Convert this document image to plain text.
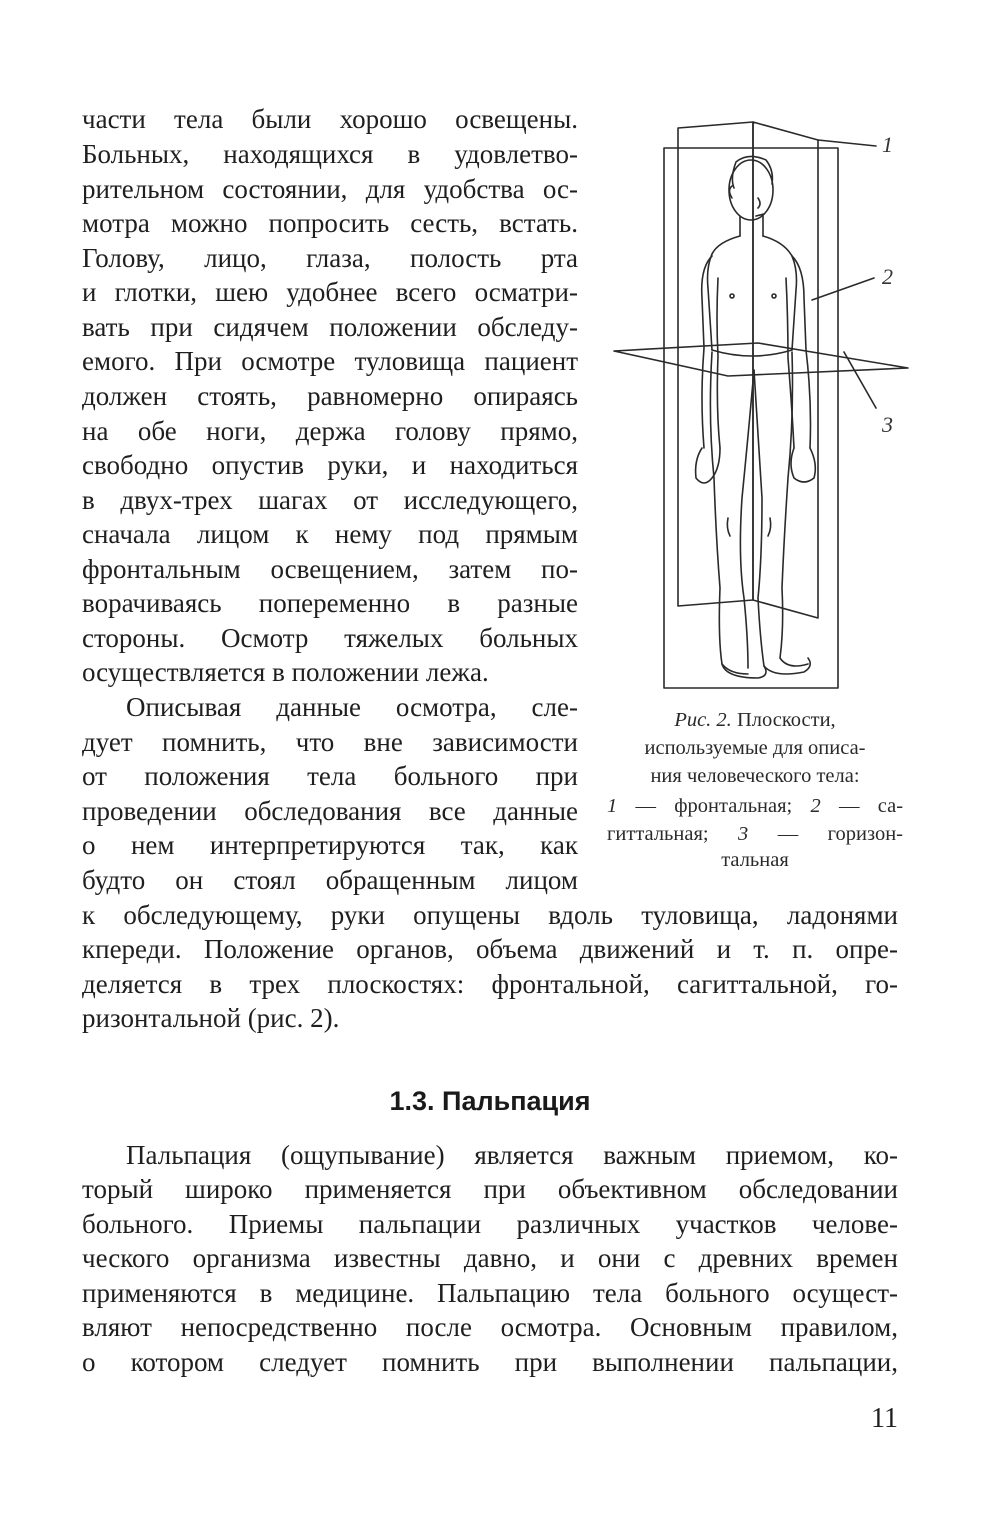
части тела были хорошо освещены.
Больных, находящихся в удовлетво-
рительном состоянии, для удобства ос-
мотра можно попросить сесть, встать.
Голову, лицо, глаза, полость рта
и глотки, шею удобнее всего осматри-
вать при сидячем положении обследу-
емого. При осмотре туловища пациент
должен стоять, равномерно опираясь
на обе ноги, держа голову прямо,
свободно опустив руки, и находиться
в двух-трех шагах от исследующего,
сначала лицом к нему под прямым
фронтальным освещением, затем по-
ворачиваясь попеременно в разные
стороны. Осмотр тяжелых больных
осуществляется в положении лежа.
Описывая данные осмотра, сле-
дует помнить, что вне зависимости
от положения тела больного при
проведении обследования все данные
о нем интерпретируются так, как
будто он стоял обращенным лицом
к обследующему, руки опущены вдоль туловища, ладонями
кпереди. Положение органов, объема движений и т. п. опре-
деляется в трех плоскостях: фронтальной, сагиттальной, го-
ризонтальной (рис. 2).
1.3. Пальпация
Пальпация (ощупывание) является важным приемом, ко-
торый широко применяется при объективном обследовании
больного. Приемы пальпации различных участков челове-
ческого организма известны давно, и они с древних времен
применяются в медицине. Пальпацию тела больного осущест-
вляют непосредственно после осмотра. Основным правилом,
о котором следует помнить при выполнении пальпации,
1
2
3
Рис. 2. Плоскости,
используемые для описа-
ния человеческого тела:
1 — фронтальная; 2 — са-
гиттальная; 3 — горизон-
тальная
11
